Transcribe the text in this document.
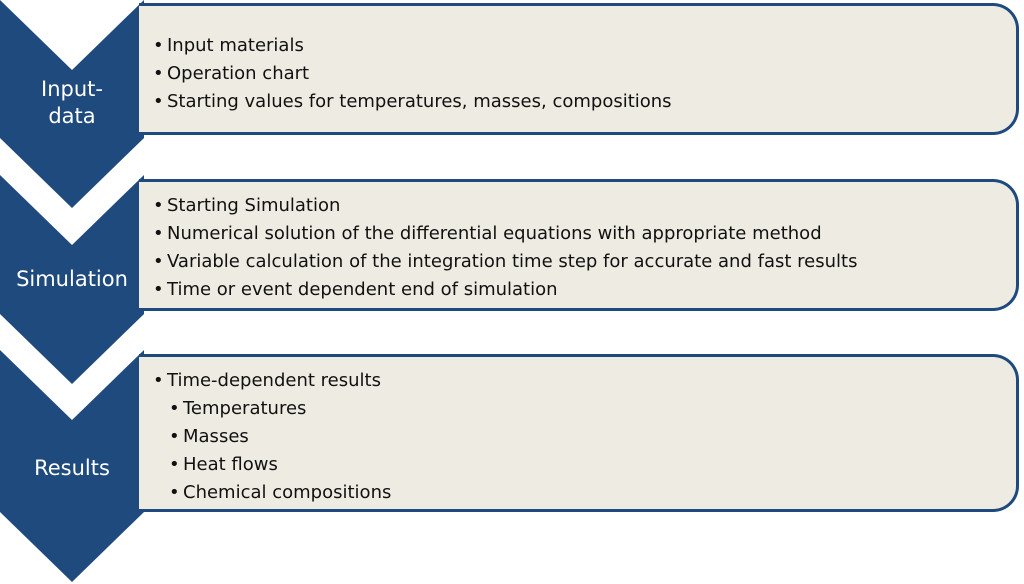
Input-
data
• Input materials
• Operation chart
• Starting values for temperatures, masses, compositions
Simulation
• Starting Simulation
• Numerical solution of the differential equations with appropriate method
• Variable calculation of the integration time step for accurate and fast results
• Time or event dependent end of simulation
Results
• Time-dependent results
• Temperatures
• Masses
• Heat flows
• Chemical compositions
